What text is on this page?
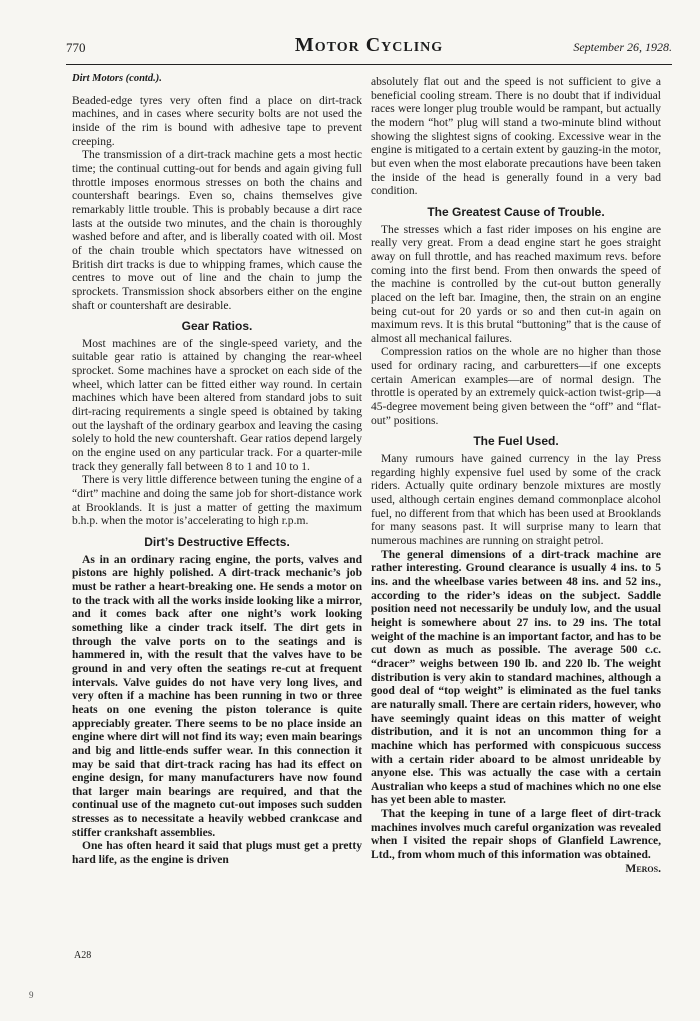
770	Motor Cycling	September 26, 1928.

Dirt Motors (contd.).

Beaded-edge tyres very often find a place on dirt-track machines, and in cases where security bolts are not used the inside of the rim is bound with adhesive tape to prevent creeping.

The transmission of a dirt-track machine gets a most hectic time; the continual cutting-out for bends and again giving full throttle imposes enormous stresses on both the chains and countershaft bearings. Even so, chains themselves give remarkably little trouble. This is probably because a dirt race lasts at the outside two minutes, and the chain is thoroughly washed before and after, and is liberally coated with oil. Most of the chain trouble which spectators have witnessed on British dirt tracks is due to whipping frames, which cause the centres to move out of line and the chain to jump the sprockets. Transmission shock absorbers either on the engine shaft or countershaft are desirable.

Gear Ratios.

Most machines are of the single-speed variety, and the suitable gear ratio is attained by changing the rear-wheel sprocket. Some machines have a sprocket on each side of the wheel, which latter can be fitted either way round. In certain machines which have been altered from standard jobs to suit dirt-racing requirements a single speed is obtained by taking out the layshaft of the ordinary gearbox and leaving the casing solely to hold the new countershaft. Gear ratios depend largely on the engine used on any particular track. For a quarter-mile track they generally fall between 8 to 1 and 10 to 1.

There is very little difference between tuning the engine of a “dirt” machine and doing the same job for short-distance work at Brooklands. It is just a matter of getting the maximum b.h.p. when the motor is’accelerating to high r.p.m.

Dirt’s Destructive Effects.

As in an ordinary racing engine, the ports, valves and pistons are highly polished. A dirt-track mechanic’s job must be rather a heart-breaking one. He sends a motor on to the track with all the works inside looking like a mirror, and it comes back after one night’s work looking something like a cinder track itself. The dirt gets in through the valve ports on to the seatings and is hammered in, with the result that the valves have to be ground in and very often the seatings re-cut at frequent intervals. Valve guides do not have very long lives, and very often if a machine has been running in two or three heats on one evening the piston tolerance is quite appreciably greater. There seems to be no place inside an engine where dirt will not find its way; even main bearings and big and little-ends suffer wear. In this connection it may be said that dirt-track racing has had its effect on engine design, for many manufacturers have now found that larger main bearings are required, and that the continual use of the magneto cut-out imposes such sudden stresses as to necessitate a heavily webbed crankcase and stiffer crankshaft assemblies.

One has often heard it said that plugs must get a pretty hard life, as the engine is driven

absolutely flat out and the speed is not sufficient to give a beneficial cooling stream. There is no doubt that if individual races were longer plug trouble would be rampant, but actually the modern “hot” plug will stand a two-minute blind without showing the slightest signs of cooking. Excessive wear in the engine is mitigated to a certain extent by gauzing-in the motor, but even when the most elaborate precautions have been taken the inside of the head is generally found in a very bad condition.

The Greatest Cause of Trouble.

The stresses which a fast rider imposes on his engine are really very great. From a dead engine start he goes straight away on full throttle, and has reached maximum revs. before coming into the first bend. From then onwards the speed of the machine is controlled by the cut-out button generally placed on the left bar. Imagine, then, the strain on an engine being cut-out for 20 yards or so and then cut-in again on maximum revs. It is this brutal “buttoning” that is the cause of almost all mechanical failures.

Compression ratios on the whole are no higher than those used for ordinary racing, and carburetters—if one excepts certain American examples—are of normal design. The throttle is operated by an extremely quick-action twist-grip—a 45-degree movement being given between the “off” and “flat-out” positions.

The Fuel Used.

Many rumours have gained currency in the lay Press regarding highly expensive fuel used by some of the crack riders. Actually quite ordinary benzole mixtures are mostly used, although certain engines demand commonplace alcohol fuel, no different from that which has been used at Brooklands for many seasons past. It will surprise many to learn that numerous machines are running on straight petrol.

The general dimensions of a dirt-track machine are rather interesting. Ground clearance is usually 4 ins. to 5 ins. and the wheelbase varies between 48 ins. and 52 ins., according to the rider’s ideas on the subject. Saddle position need not necessarily be unduly low, and the usual height is somewhere about 27 ins. to 29 ins. The total weight of the machine is an important factor, and has to be cut down as much as possible. The average 500 c.c. “dracer” weighs between 190 lb. and 220 lb. The weight distribution is very akin to standard machines, although a good deal of “top weight” is eliminated as the fuel tanks are naturally small. There are certain riders, however, who have seemingly quaint ideas on this matter of weight distribution, and it is not an uncommon thing for a machine which has performed with conspicuous success with a certain rider aboard to be almost unrideable by anyone else. This was actually the case with a certain Australian who keeps a stud of machines which no one else has yet been able to master.

That the keeping in tune of a large fleet of dirt-track machines involves much careful organization was revealed when I visited the repair shops of Glanfield Lawrence, Ltd., from whom much of this information was obtained.
Meros.

A28
9
